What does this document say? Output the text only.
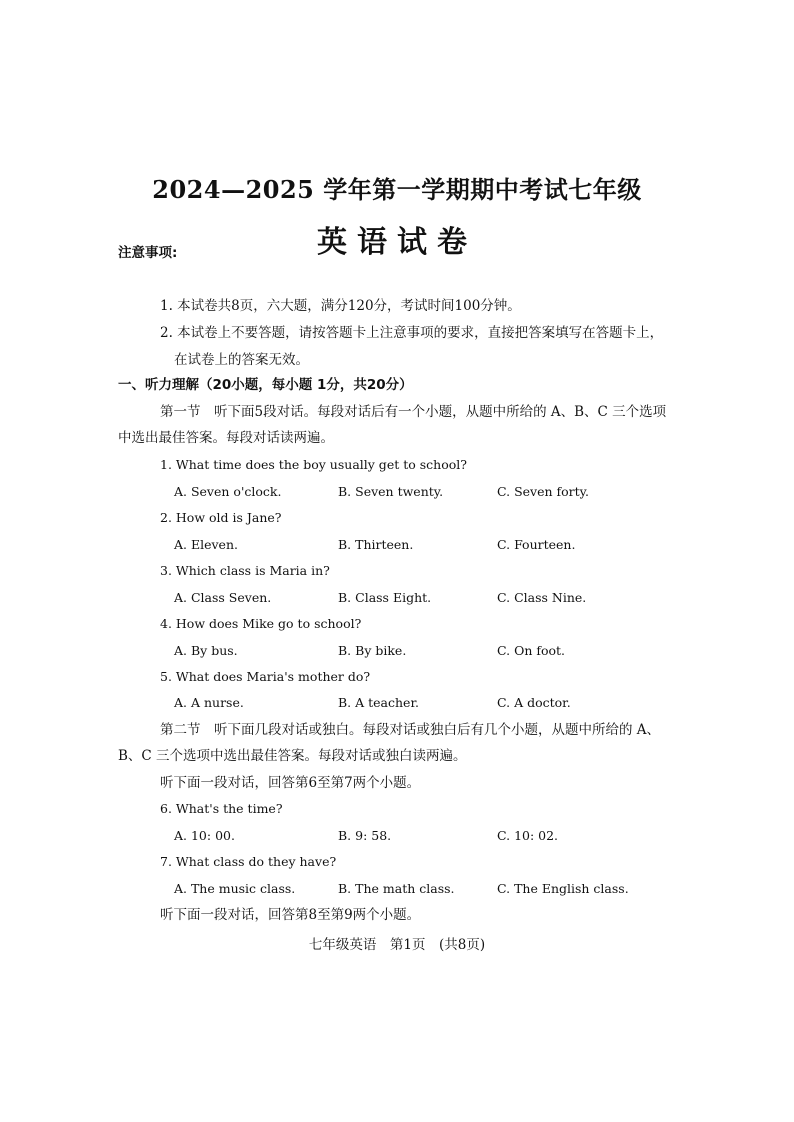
2024—2025 学年第一学期期中考试七年级
英语试卷
注意事项:
1. 本试卷共8页，六大题，满分120分，考试时间100分钟。
2. 本试卷上不要答题，请按答题卡上注意事项的要求，直接把答案填写在答题卡上，
在试卷上的答案无效。
一、听力理解（20小题，每小题 1分，共20分）
第一节　听下面5段对话。每段对话后有一个小题，从题中所给的 A、B、C 三个选项
中选出最佳答案。每段对话读两遍。
1. What time does the boy usually get to school?
A. Seven o'clock.	B. Seven twenty.	C. Seven forty.
2. How old is Jane?
A. Eleven.	B. Thirteen.	C. Fourteen.
3. Which class is Maria in?
A. Class Seven.	B. Class Eight.	C. Class Nine.
4. How does Mike go to school?
A. By bus.	B. By bike.	C. On foot.
5. What does Maria's mother do?
A. A nurse.	B. A teacher.	C. A doctor.
第二节　听下面几段对话或独白。每段对话或独白后有几个小题，从题中所给的 A、
B、C 三个选项中选出最佳答案。每段对话或独白读两遍。
听下面一段对话，回答第6至第7两个小题。
6. What's the time?
A. 10: 00.	B. 9: 58.	C. 10: 02.
7. What class do they have?
A. The music class.	B. The math class.	C. The English class.
听下面一段对话，回答第8至第9两个小题。
七年级英语　第1页　(共8页)
